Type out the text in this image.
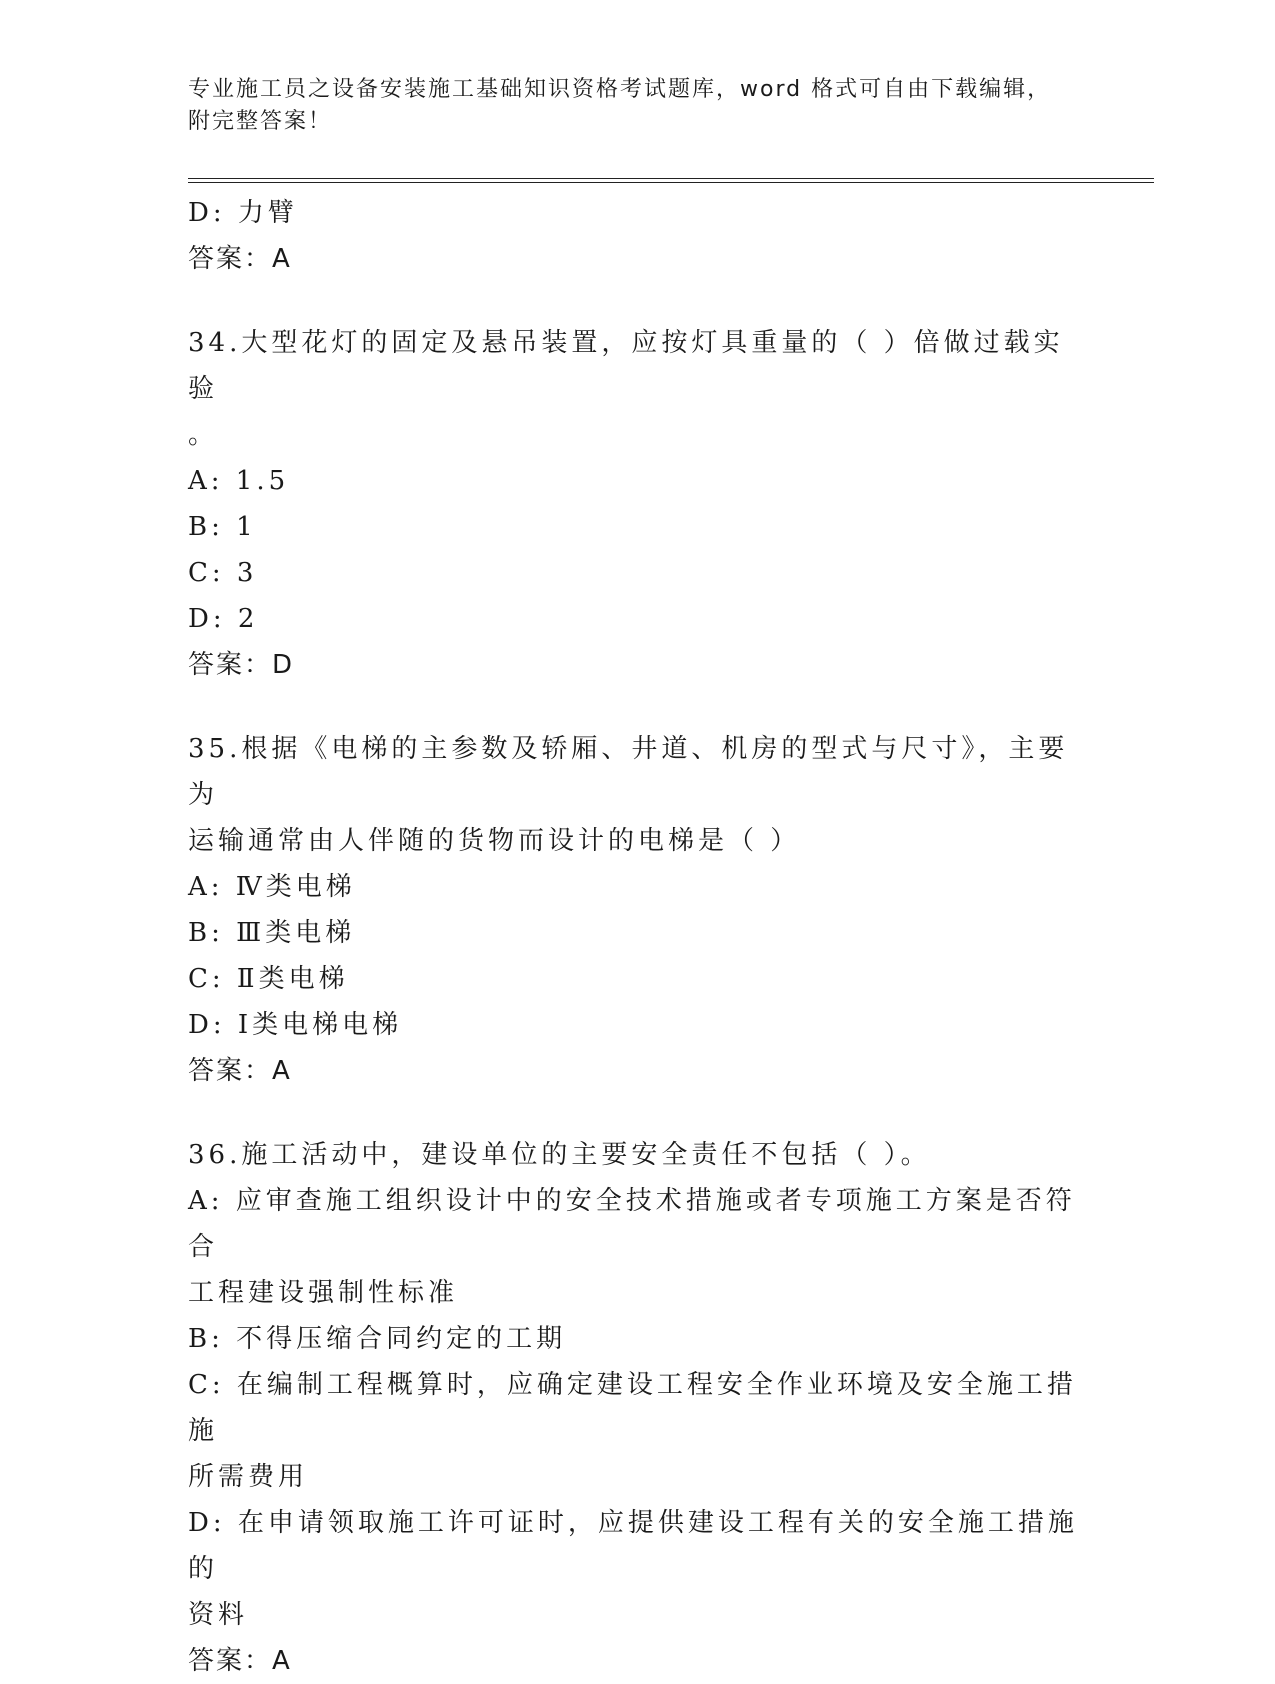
专业施工员之设备安装施工基础知识资格考试题库，word 格式可自由下载编辑，
附完整答案！

D: 力臂

答案：A

34.大型花灯的固定及悬吊装置，应按灯具重量的（ ）倍做过载实验

。

A: 1.5

B: 1

C: 3

D: 2

答案：D

35.根据《电梯的主参数及轿厢、井道、机房的型式与尺寸》，主要为

运输通常由人伴随的货物而设计的电梯是（ ）

A: Ⅳ类电梯

B: Ⅲ类电梯

C: Ⅱ类电梯

D: Ⅰ类电梯电梯

答案：A

36.施工活动中，建设单位的主要安全责任不包括（ ）。

A: 应审查施工组织设计中的安全技术措施或者专项施工方案是否符合

工程建设强制性标准

B: 不得压缩合同约定的工期

C: 在编制工程概算时，应确定建设工程安全作业环境及安全施工措施

所需费用

D: 在申请领取施工许可证时，应提供建设工程有关的安全施工措施的

资料

答案：A
